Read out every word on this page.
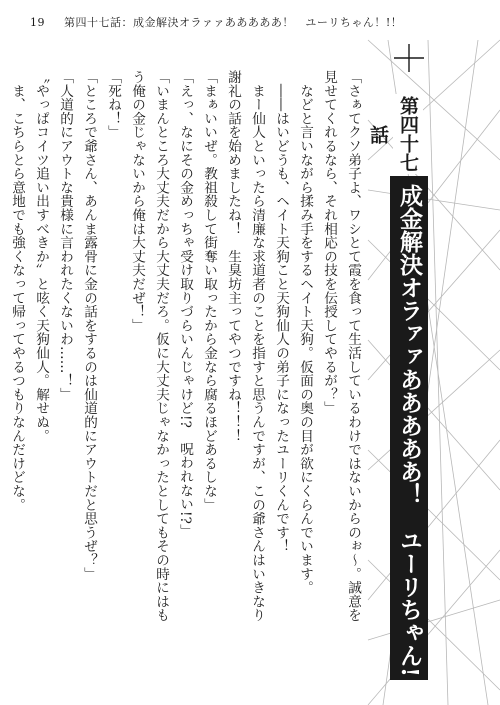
19 第四十七話：成金解決オラァァあああああ！　ユーリちゃん！!！

「さぁてクソ弟子よ、ワシとて霞を食って生活しているわけではないからのぉ～。誠意を

見せてくれるなら、それ相応の技を伝授してやるが？」

　などと言いながら揉み手をするヘイト天狗。仮面の奥の目が欲にくらんでいます。

　――はいどうも、ヘイト天狗こと天狗仙人の弟子になったユーリくんです！

　まー仙人といったら清廉な求道者のことを指すと思うんですが、この爺さんはいきなり

謝礼の話を始めましたね！　生臭坊主ってやつですね！！！

「まぁいいぜ。教祖殺して街奪い取ったから金なら腐るほどあるしな」

「えっ、なにその金めっちゃ受け取りづらいんじゃけど!?　呪われない!?」

「いまんところ大丈夫だから大丈夫だろ。仮に大丈夫じゃなかったとしてもその時にはも

う俺の金じゃないから俺は大丈夫だぜ！」

「死ね！」

「ところで爺さん、あんま露骨に金の話をするのは仙道的にアウトだと思うぜ？」

「人道的にアウトな貴様に言われたくないわ……！」

〝やっぱコイツ追い出すべきか〟と呟く天狗仙人。解せぬ。

　ま、こちらとら意地でも強くなって帰ってやるつもりなんだけどな。	第四十七話
成金解決オラァァあああああ！　ユーリちゃん!!!
